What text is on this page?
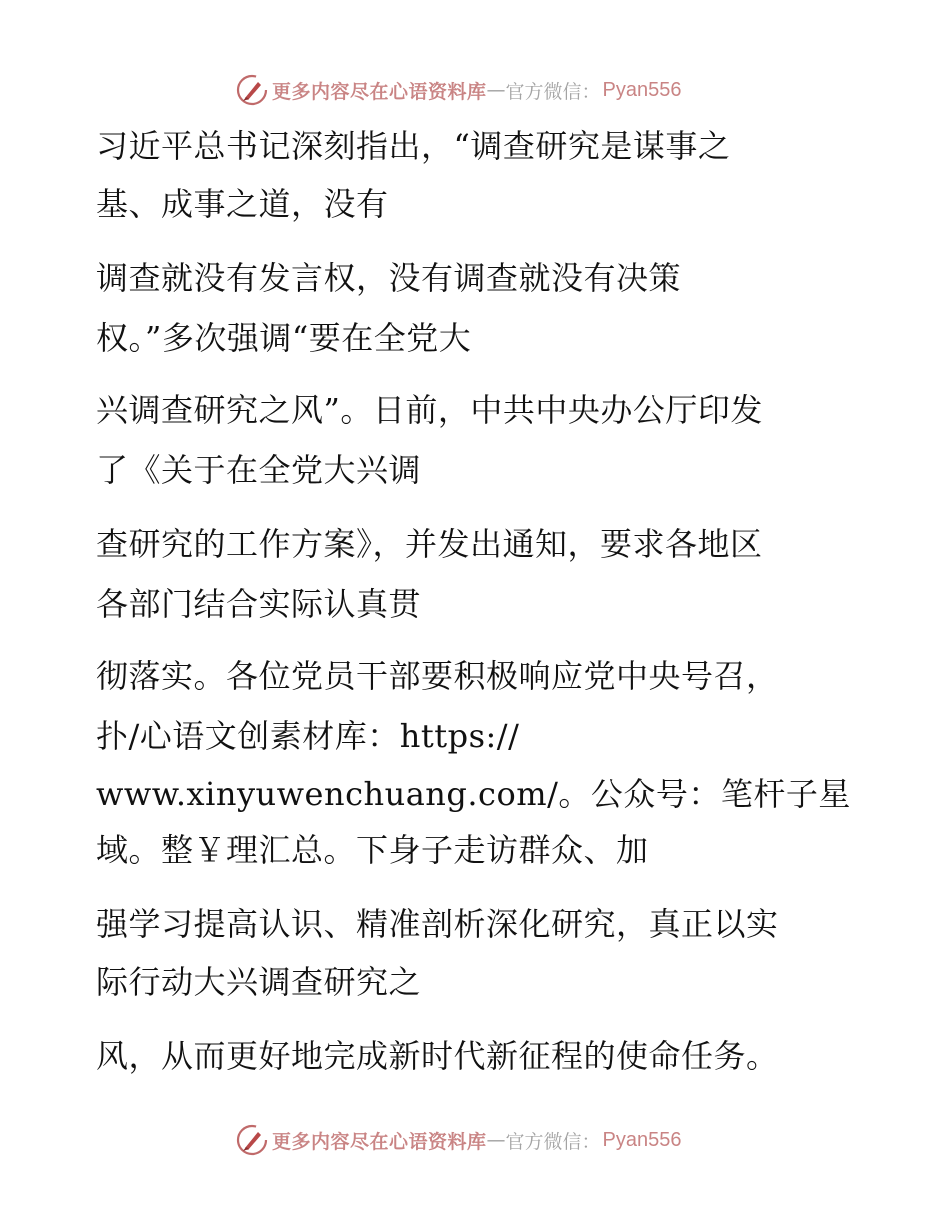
更多内容尽在心语资料库 — 官方微信： Pyan556
习近平总书记深刻指出，“调查研究是谋事之
基、成事之道，没有
调查就没有发言权，没有调查就没有决策
权。”多次强调“要在全党大
兴调查研究之风”。日前，中共中央办公厅印发
了《关于在全党大兴调
查研究的工作方案》，并发出通知，要求各地区
各部门结合实际认真贯
彻落实。各位党员干部要积极响应党中央号召，
扑/心语文创素材库：https://
www.xinyuwenchuang.com/。公众号：笔杆子星
域。整￥理汇总。下身子走访群众、加
强学习提高认识、精准剖析深化研究，真正以实
际行动大兴调查研究之
风，从而更好地完成新时代新征程的使命任务。
更多内容尽在心语资料库 — 官方微信： Pyan556
